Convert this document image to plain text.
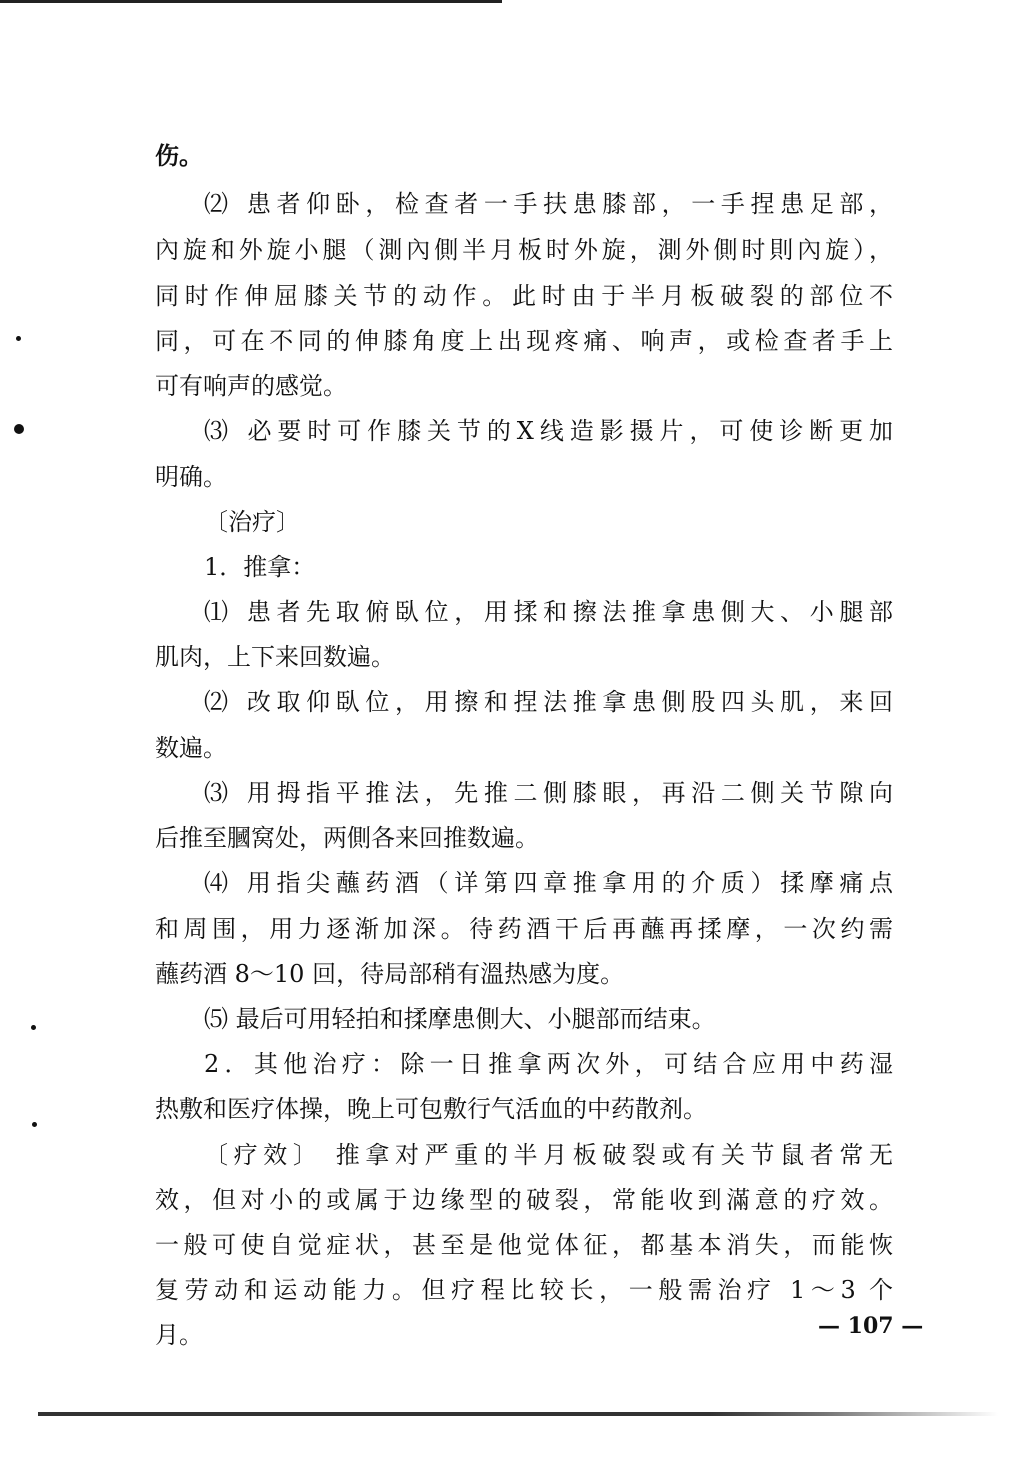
伤。

⑵ 患者仰卧，检查者一手扶患膝部，一手捏患足部，

內旋和外旋小腿（測內側半月板时外旋，測外側时則內旋），

同时作伸屈膝关节的动作。此时由于半月板破裂的部位不

同，可在不同的伸膝角度上出现疼痛、响声，或检查者手上

可有响声的感觉。

⑶ 必要时可作膝关节的X线造影摄片，可使诊断更加

明确。

〔治疗〕

1．推拿：

⑴ 患者先取俯臥位，用揉和擦法推拿患側大、小腿部

肌肉，上下来回数遍。

⑵ 改取仰臥位，用擦和捏法推拿患側股四头肌，来回

数遍。

⑶ 用拇指平推法，先推二側膝眼，再沿二側关节隙向

后推至膕窝处，两側各来回推数遍。

⑷ 用指尖蘸药酒（详第四章推拿用的介质）揉摩痛点

和周围，用力逐渐加深。待药酒干后再蘸再揉摩，一次约需

蘸药酒 8～10 回，待局部稍有溫热感为度。

⑸ 最后可用轻拍和揉摩患側大、小腿部而结束。

2．其他治疗：除一日推拿两次外，可结合应用中药湿

热敷和医疗体操，晚上可包敷行气活血的中药散剂。

〔疗效〕 推拿对严重的半月板破裂或有关节鼠者常无

效，但对小的或属于边缘型的破裂，常能收到滿意的疗效。

一般可使自觉症状，甚至是他觉体征，都基本消失，而能恢

复劳动和运动能力。但疗程比较长，一般需治疗 1～3 个

月。	— 107 —
